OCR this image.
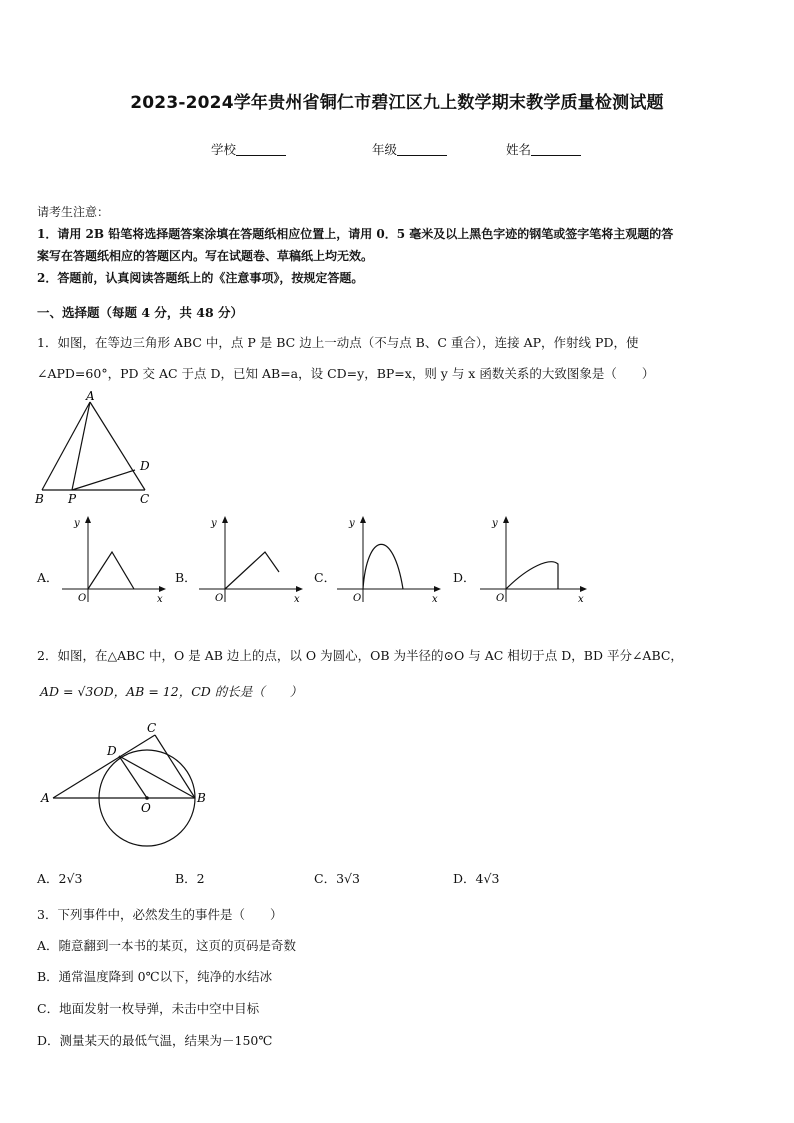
2023-2024学年贵州省铜仁市碧江区九上数学期末教学质量检测试题
学校	年级	姓名

请考生注意：

1．请用 2B 铅笔将选择题答案涂填在答题纸相应位置上，请用 0．5 毫米及以上黑色字迹的钢笔或签字笔将主观题的答

案写在答题纸相应的答题区内。写在试题卷、草稿纸上均无效。

2．答题前，认真阅读答题纸上的《注意事项》，按规定答题。

一、选择题（每题 4 分，共 48 分）
1．如图，在等边三角形 ABC 中，点 P 是 BC 边上一动点（不与点 B、C 重合），连接 AP，作射线 PD，使
∠APD=60°，PD 交 AC 于点 D，已知 AB=a，设 CD=y，BP=x，则 y 与 x 函数关系的大致图象是（　　）
A
B	C
D
P
A．
y
x
O
B．
y
x
O
C．
y
x
O
D．
y
x
O
2．如图，在△ABC 中，O 是 AB 边上的点，以 O 为圆心，OB 为半径的⊙O 与 AC 相切于点 D，BD 平分∠ABC，
AD = √3OD，AB = 12，CD 的长是（　　）
A	B
C
D
O
A．2√3	B．2	C．3√3	D．4√3
3．下列事件中，必然发生的事件是（　　）
A．随意翻到一本书的某页，这页的页码是奇数
B．通常温度降到 0℃以下，纯净的水结冰
C．地面发射一枚导弹，未击中空中目标
D．测量某天的最低气温，结果为－150℃
